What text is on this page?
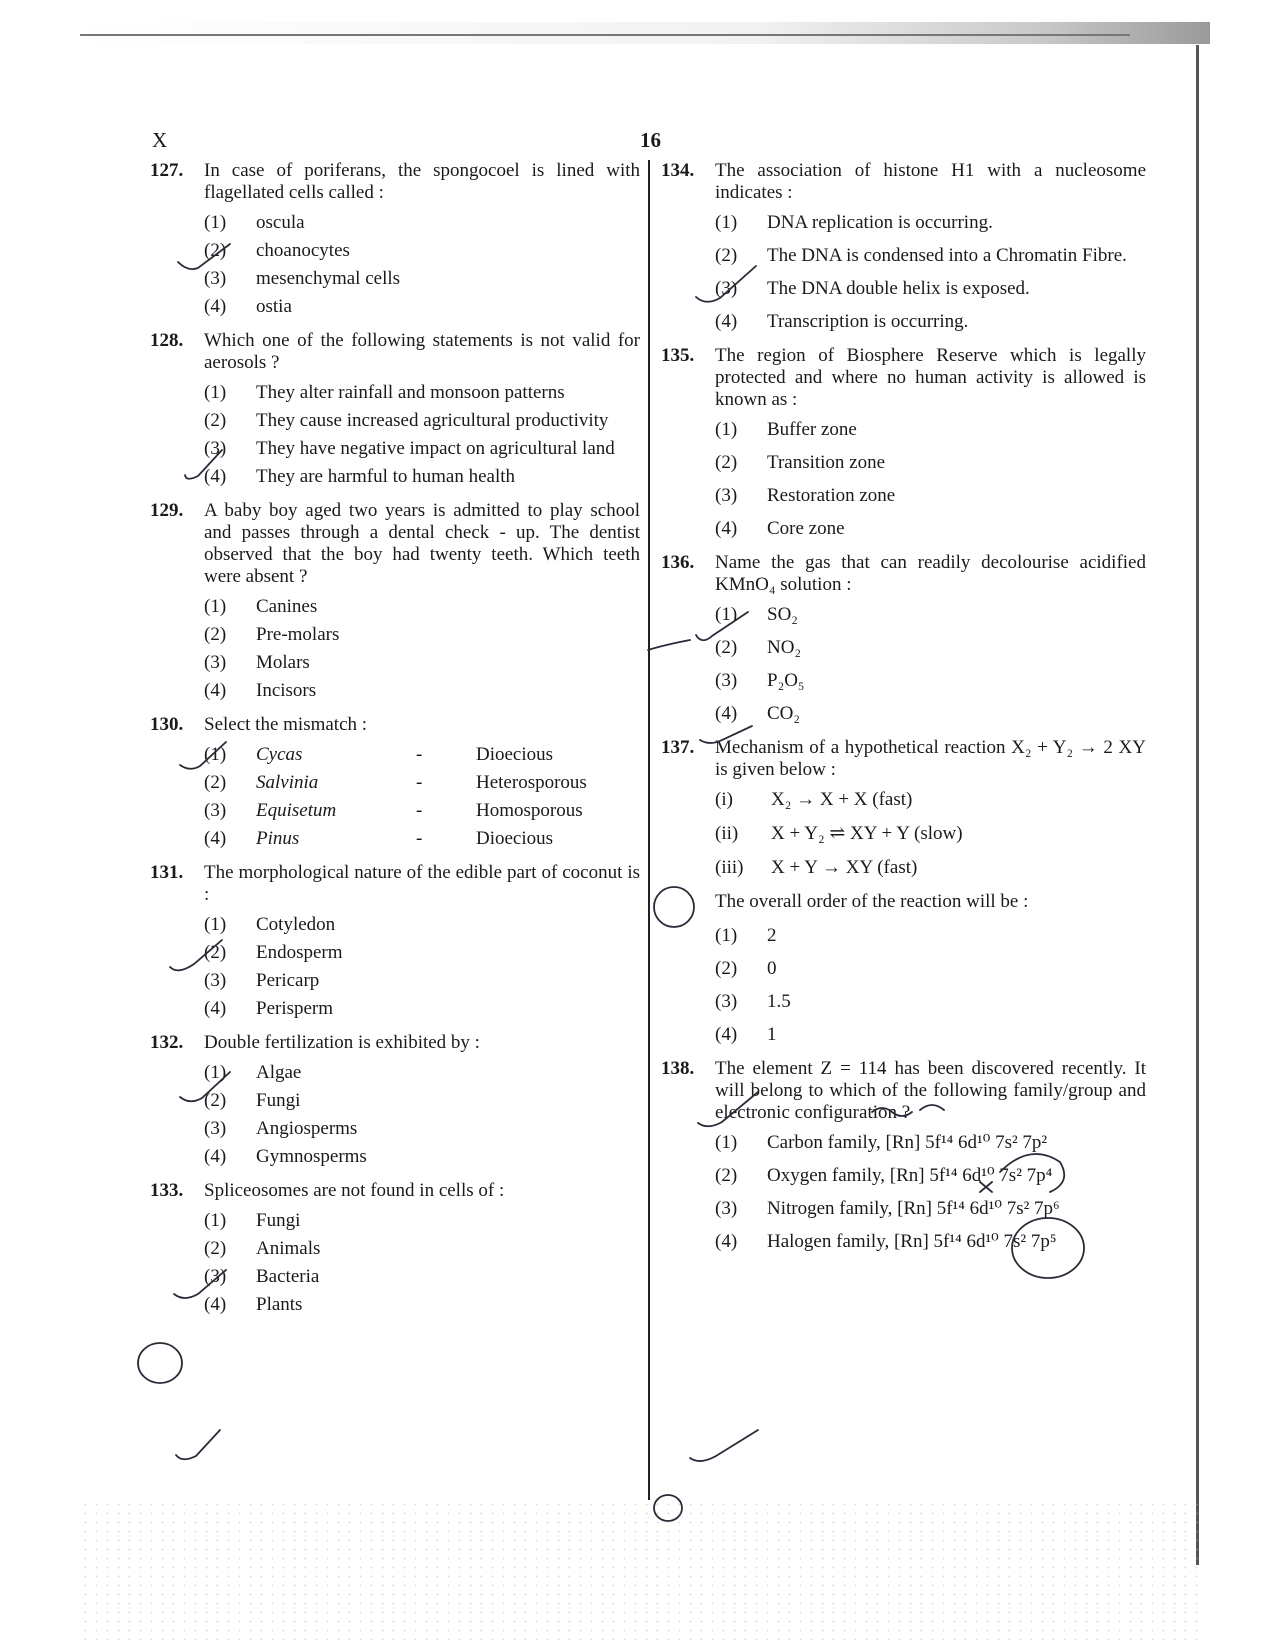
X	16
127. In case of poriferans, the spongocoel is lined with flagellated cells called :
(1) oscula
(2) choanocytes
(3) mesenchymal cells
(4) ostia
128. Which one of the following statements is not valid for aerosols ?
(1) They alter rainfall and monsoon patterns
(2) They cause increased agricultural productivity
(3) They have negative impact on agricultural land
(4) They are harmful to human health
129. A baby boy aged two years is admitted to play school and passes through a dental check - up. The dentist observed that the boy had twenty teeth. Which teeth were absent ?
(1) Canines
(2) Pre-molars
(3) Molars
(4) Incisors
130. Select the mismatch :
(1) Cycas	-	Dioecious
(2) Salvinia	-	Heterosporous
(3) Equisetum	-	Homosporous
(4) Pinus	-	Dioecious
131. The morphological nature of the edible part of coconut is :
(1) Cotyledon
(2) Endosperm
(3) Pericarp
(4) Perisperm
132. Double fertilization is exhibited by :
(1) Algae
(2) Fungi
(3) Angiosperms
(4) Gymnosperms
133. Spliceosomes are not found in cells of :
(1) Fungi
(2) Animals
(3) Bacteria
(4) Plants
134. The association of histone H1 with a nucleosome indicates :
(1) DNA replication is occurring.
(2) The DNA is condensed into a Chromatin Fibre.
(3) The DNA double helix is exposed.
(4) Transcription is occurring.
135. The region of Biosphere Reserve which is legally protected and where no human activity is allowed is known as :
(1) Buffer zone
(2) Transition zone
(3) Restoration zone
(4) Core zone
136. Name the gas that can readily decolourise acidified KMnO₄ solution :
(1) SO₂
(2) NO₂
(3) P₂O₅
(4) CO₂
137. Mechanism of a hypothetical reaction X₂ + Y₂ → 2 XY is given below :
(i) X₂ → X + X (fast)
(ii) X + Y₂ ⇌ XY + Y (slow)
(iii) X + Y → XY (fast)
The overall order of the reaction will be :
(1) 2
(2) 0
(3) 1.5
(4) 1
138. The element Z = 114 has been discovered recently. It will belong to which of the following family/group and electronic configuration ?
(1) Carbon family, [Rn] 5f¹⁴ 6d¹⁰ 7s² 7p²
(2) Oxygen family, [Rn] 5f¹⁴ 6d¹⁰ 7s² 7p⁴
(3) Nitrogen family, [Rn] 5f¹⁴ 6d¹⁰ 7s² 7p⁶
(4) Halogen family, [Rn] 5f¹⁴ 6d¹⁰ 7s² 7p⁵
